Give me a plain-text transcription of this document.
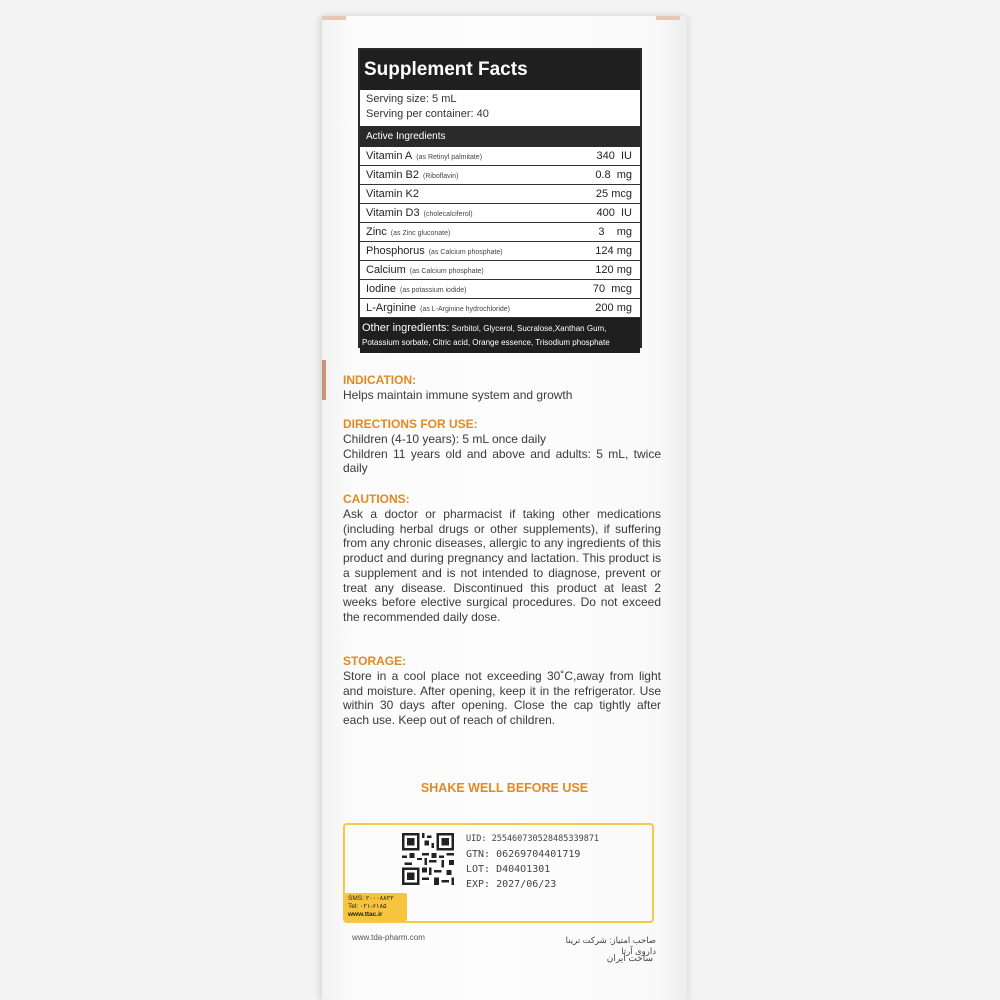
Supplement Facts
Serving size: 5 mL
Serving per container: 40
Active Ingredients
Vitamin A (as Retinyl palmitate)	340  IU
Vitamin B2 (Riboflavin)	0.8  mg
Vitamin K2	25 mcg
Vitamin D3 (cholecalciferol)	400  IU
Zinc (as Zinc gluconate)	3    mg
Phosphorus (as Calcium phosphate)	124 mg
Calcium (as Calcium phosphate)	120 mg
Iodine (as potassium iodide)	70  mcg
L-Arginine (as L-Arginine hydrochloride)	200 mg
Other ingredients: Sorbitol, Glycerol, Sucralose,Xanthan Gum, Potassium sorbate, Citric acid, Orange essence, Trisodium phosphate
INDICATION:
Helps maintain immune system and growth
DIRECTIONS FOR USE:
Children (4-10 years): 5 mL once daily
Children 11 years old and above and adults: 5 mL, twice daily
CAUTIONS:
Ask a doctor or pharmacist if taking other medications (including herbal drugs or other supplements), if suffering from any chronic diseases, allergic to any ingredients of this product and during pregnancy and lactation. This product is a supplement and is not intended to diagnose, prevent or treat any disease. Discontinued this product at least 2 weeks before elective surgical procedures. Do not exceed the recommended daily dose.
STORAGE:
Store in a cool place not exceeding 30˚C,away from light and moisture. After opening, keep it in the refrigerator. Use within 30 days after opening. Close the cap tightly after each use. Keep out of reach of children.
SHAKE WELL BEFORE USE
UID: 255460730528485339871
GTN: 06269704401719
LOT: D404O1301
EXP: 2027/06/23
SMS: ۲۰۰۰۸۸۲۲
Tel: ۰۲۱-۶۱۸۵
www.ttac.ir
www.tda-pharm.com	صاحب امتیاز: شرکت ترینا داروی آرتا
ساخت ایران
